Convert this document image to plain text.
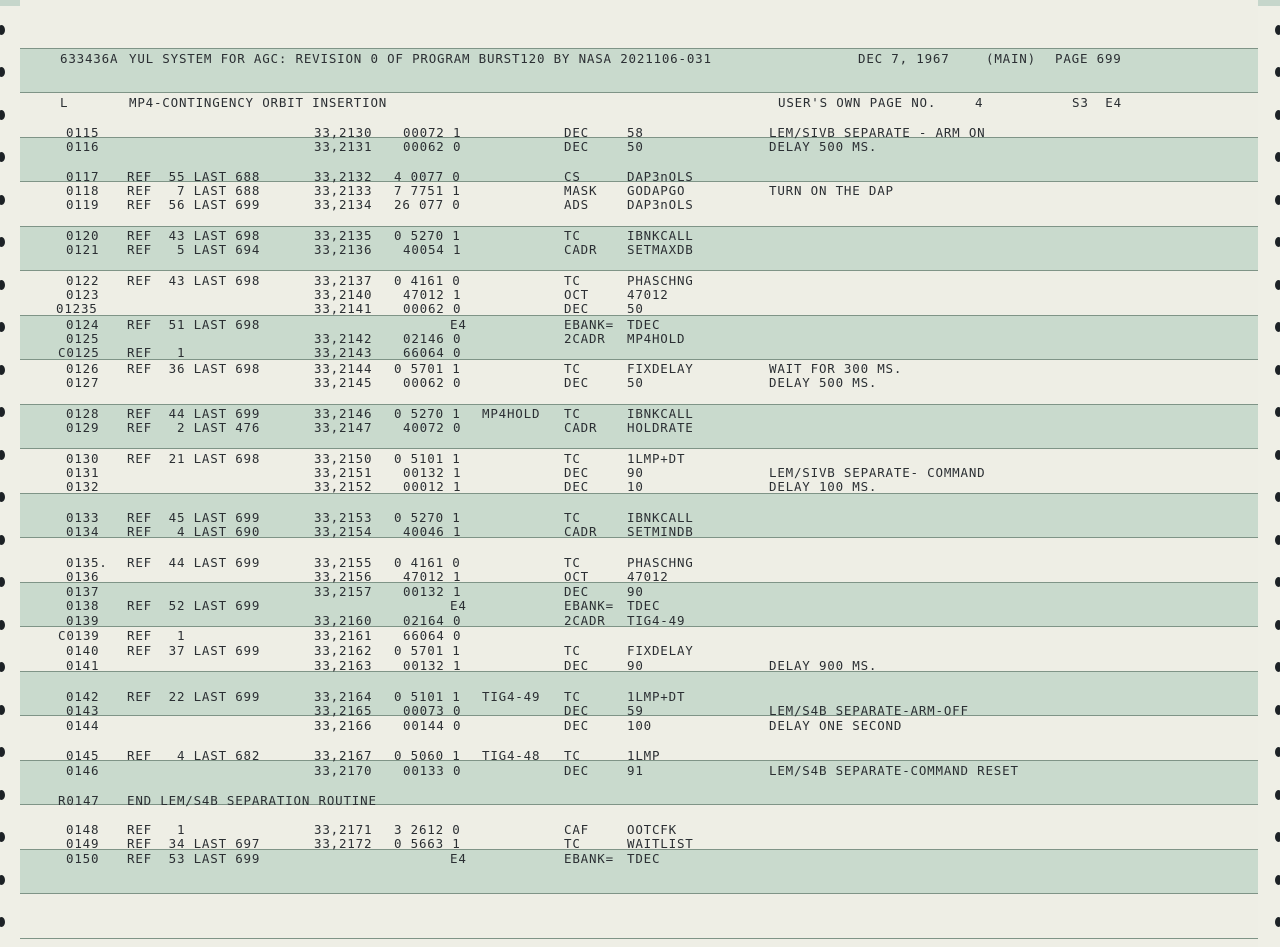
633436A YUL SYSTEM FOR AGC: REVISION 0 OF PROGRAM BURST120 BY NASA 2021106-031	DEC 7, 1967	(MAIN) PAGE 699
L	MP4-CONTINGENCY ORBIT INSERTION	USER'S OWN PAGE NO.	4	S3  E4
0115	33,2130 00072 1	DEC	58	LEM/SIVB SEPARATE - ARM ON
0116	33,2131 00062 0	DEC	50	DELAY 500 MS.
0117 REF  55 LAST 688	33,2132 4 0077 0	CS	DAP3nOLS
0118 REF   7 LAST 688	33,2133 7 7751 1	MASK GODAPGO	TURN ON THE DAP
0119 REF  56 LAST 699	33,2134 26 077 0	ADS	DAP3nOLS
0120 REF  43 LAST 698	33,2135 0 5270 1	TC	IBNKCALL
0121 REF   5 LAST 694	33,2136 40054 1	CADR SETMAXDB
0122 REF  43 LAST 698	33,2137 0 4161 0	TC	PHASCHNG
0123	33,2140 47012 1	OCT	47012
01235	33,2141 00062 0	DEC	50
0124 REF  51 LAST 698	E4	EBANK= TDEC
0125	33,2142 02146 0	2CADR MP4HOLD
C0125 REF   1	33,2143 66064 0
0126 REF  36 LAST 698	33,2144 0 5701 1	TC	FIXDELAY	WAIT FOR 300 MS.
0127	33,2145 00062 0	DEC	50	DELAY 500 MS.
0128 REF  44 LAST 699	33,2146 0 5270 1 MP4HOLD TC	IBNKCALL
0129 REF   2 LAST 476	33,2147 40072 0	CADR HOLDRATE
0130 REF  21 LAST 698	33,2150 0 5101 1	TC	1LMP+DT
0131	33,2151 00132 1	DEC	90	LEM/SIVB SEPARATE- COMMAND
0132	33,2152 00012 1	DEC	10	DELAY 100 MS.
0133 REF  45 LAST 699	33,2153 0 5270 1	TC	IBNKCALL
0134 REF   4 LAST 690	33,2154 40046 1	CADR SETMINDB
0135. REF  44 LAST 699	33,2155 0 4161 0	TC	PHASCHNG
0136	33,2156 47012 1	OCT	47012
0137	33,2157 00132 1	DEC	90
0138 REF  52 LAST 699	E4	EBANK= TDEC
0139	33,2160 02164 0	2CADR TIG4-49
C0139 REF   1	33,2161 66064 0
0140 REF  37 LAST 699	33,2162 0 5701 1	TC	FIXDELAY
0141	33,2163 00132 1	DEC	90	DELAY 900 MS.
0142 REF  22 LAST 699	33,2164 0 5101 1 TIG4-49 TC	1LMP+DT
0143	33,2165 00073 0	DEC	59	LEM/S4B SEPARATE-ARM-OFF
0144	33,2166 00144 0	DEC	100	DELAY ONE SECOND
0145 REF   4 LAST 682	33,2167 0 5060 1 TIG4-48 TC	1LMP
0146	33,2170 00133 0	DEC	91	LEM/S4B SEPARATE-COMMAND RESET
R0147 END LEM/S4B SEPARATION ROUTINE
0148 REF   1	33,2171 3 2612 0	CAF	OOTCFK
0149 REF  34 LAST 697	33,2172 0 5663 1	TC	WAITLIST
0150 REF  53 LAST 699	E4	EBANK= TDEC
